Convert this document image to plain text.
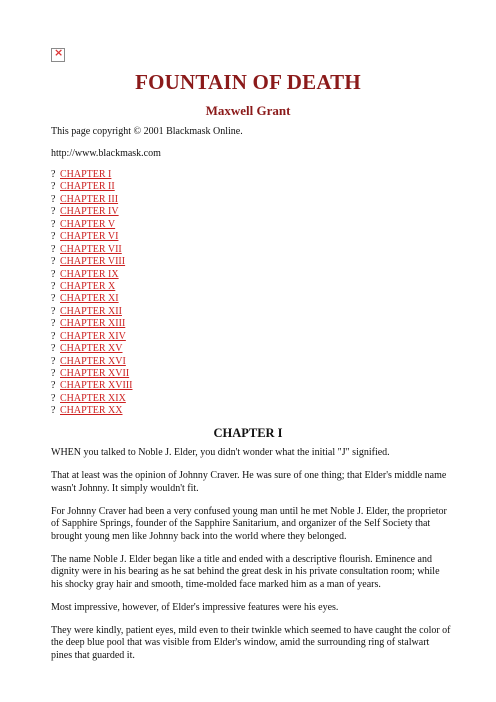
×
FOUNTAIN OF DEATH
Maxwell Grant
This page copyright © 2001 Blackmask Online.
http://www.blackmask.com
? CHAPTER I
? CHAPTER II
? CHAPTER III
? CHAPTER IV
? CHAPTER V
? CHAPTER VI
? CHAPTER VII
? CHAPTER VIII
? CHAPTER IX
? CHAPTER X
? CHAPTER XI
? CHAPTER XII
? CHAPTER XIII
? CHAPTER XIV
? CHAPTER XV
? CHAPTER XVI
? CHAPTER XVII
? CHAPTER XVIII
? CHAPTER XIX
? CHAPTER XX
CHAPTER I

WHEN you talked to Noble J. Elder, you didn't wonder what the initial "J" signified.

That at least was the opinion of Johnny Craver. He was sure of one thing; that Elder's middle name wasn't Johnny. It simply wouldn't fit.

For Johnny Craver had been a very confused young man until he met Noble J. Elder, the proprietor of Sapphire Springs, founder of the Sapphire Sanitarium, and organizer of the Self Society that brought young men like Johnny back into the world where they belonged.

The name Noble J. Elder began like a title and ended with a descriptive flourish. Eminence and dignity were in his bearing as he sat behind the great desk in his private consultation room; while his shocky gray hair and smooth, time-molded face marked him as a man of years.

Most impressive, however, of Elder's impressive features were his eyes.

They were kindly, patient eyes, mild even to their twinkle which seemed to have caught the color of the deep blue pool that was visible from Elder's window, amid the surrounding ring of stalwart pines that guarded it.
